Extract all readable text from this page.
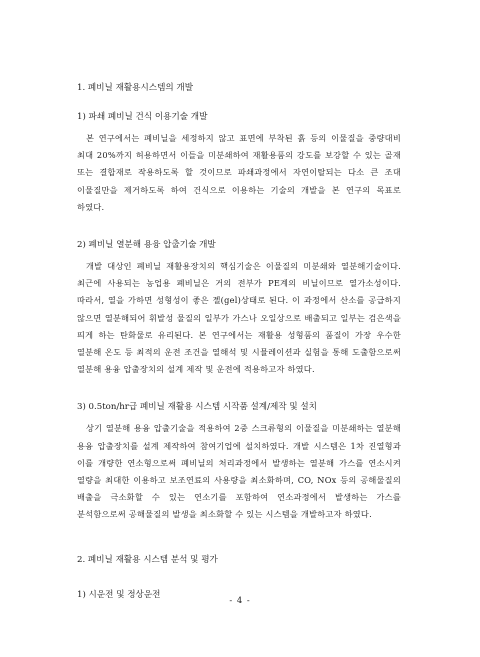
1. 폐비닐 재활용시스템의 개발

1) 파쇄 폐비닐 건식 이용기술 개발

본 연구에서는 폐비닐을 세정하지 않고 표면에 부착된 흙 등의 이물질을 중량대비 최대 20%까지 허용하면서 이들을 미분쇄하여 재활용품의 강도를 보강할 수 있는 골재 또는 결합재로 작용하도록 할 것이므로 파쇄과정에서 자연이탈되는 다소 큰 조대 이물질만을 제거하도록 하여 건식으로 이용하는 기술의 개발을 본 연구의 목표로 하였다.

2) 폐비닐 열분해 용융 압출기술 개발

개발 대상인 폐비닐 재활용장치의 핵심기술은 이물질의 미분쇄와 열분해기술이다. 최근에 사용되는 농업용 폐비닐은 거의 전부가 PE계의 비닐이므로 열가소성이다. 따라서, 열을 가하면 성형성이 좋은 젤(gel)상태로 된다. 이 과정에서 산소를 공급하지 않으면 열분해되어 휘발성 물질의 일부가 가스나 오일상으로 배출되고 일부는 검은색을 띄게 하는 탄화물로 유리된다. 본 연구에서는 재활용 성형품의 품질이 가장 우수한 열분해 온도 등 최적의 운전 조건을 열해석 및 시뮬레이션과 실험을 통해 도출함으로써 열분해 용융 압출장치의 설계 제작 및 운전에 적용하고자 하였다.

3) 0.5ton/hr급 폐비닐 재활용 시스템 시작품 설계/제작 및 설치

상기 열분해 용융 압출기술을 적용하여 2중 스크류형의 이물질을 미분쇄하는 열분해 용융 압출장치를 설계 제작하여 참여기업에 설치하였다. 개발 시스템은 1차 진열형과 이를 개량한 연소형으로써 폐비닐의 처리과정에서 발생하는 열분해 가스를 연소시켜 열량을 최대한 이용하고 보조연료의 사용량을 최소화하며, CO, NOx 등의 공해물질의 배출을 극소화할 수 있는 연소기를 포함하여 연소과정에서 발생하는 가스를 분석함으로써 공해물질의 발생을 최소화할 수 있는 시스템을 개발하고자 하였다.

2. 폐비닐 재활용 시스템 분석 및 평가

1) 시운전 및 정상운전

- 4 -
